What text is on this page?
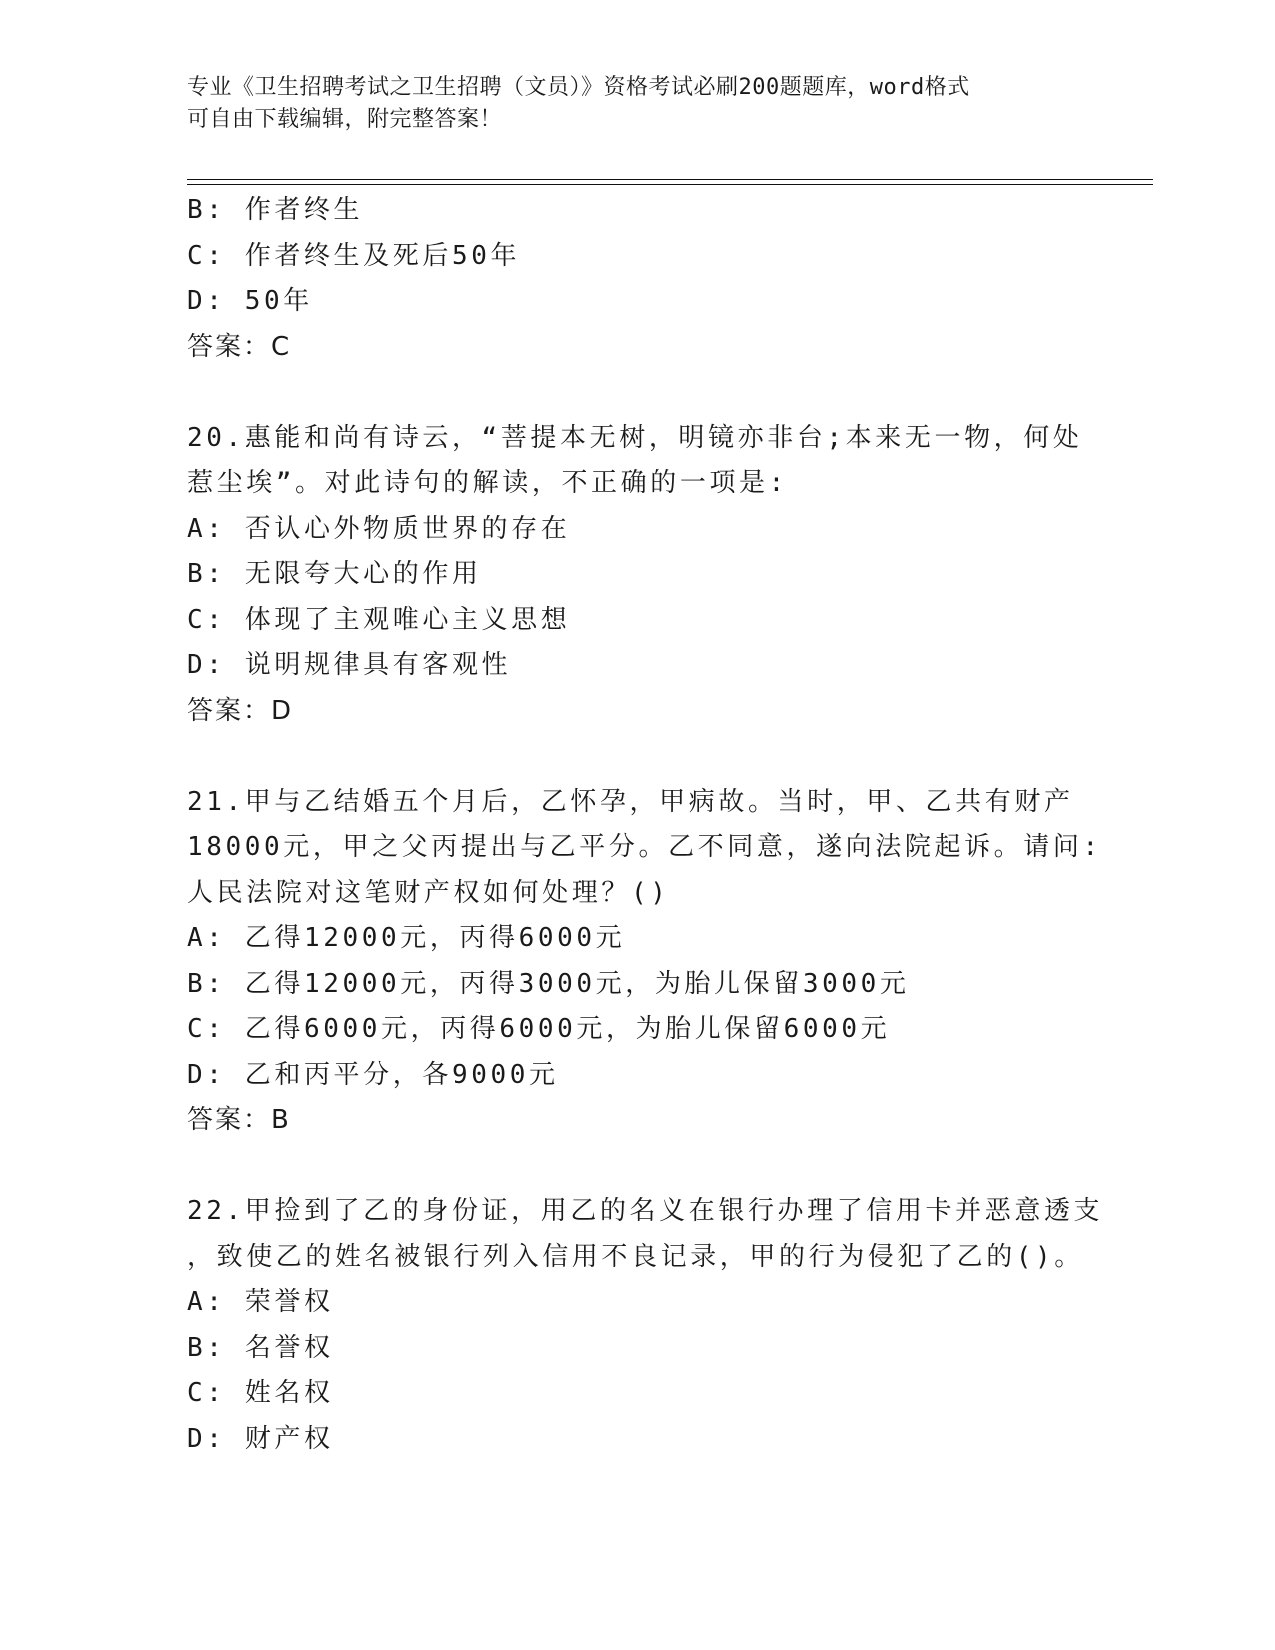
专业《卫生招聘考试之卫生招聘（文员）》资格考试必刷200题题库，word格式
可自由下载编辑，附完整答案！
B: 作者终生
C: 作者终生及死后50年
D: 50年
答案：C
20.惠能和尚有诗云，“菩提本无树，明镜亦非台;本来无一物，何处
惹尘埃”。对此诗句的解读，不正确的一项是:
A: 否认心外物质世界的存在
B: 无限夸大心的作用
C: 体现了主观唯心主义思想
D: 说明规律具有客观性
答案：D
21.甲与乙结婚五个月后，乙怀孕，甲病故。当时，甲、乙共有财产
18000元，甲之父丙提出与乙平分。乙不同意，遂向法院起诉。请问:
人民法院对这笔财产权如何处理？()
A: 乙得12000元，丙得6000元
B: 乙得12000元，丙得3000元，为胎儿保留3000元
C: 乙得6000元，丙得6000元，为胎儿保留6000元
D: 乙和丙平分，各9000元
答案：B
22.甲捡到了乙的身份证，用乙的名义在银行办理了信用卡并恶意透支
，致使乙的姓名被银行列入信用不良记录，甲的行为侵犯了乙的()。
A: 荣誉权
B: 名誉权
C: 姓名权
D: 财产权
